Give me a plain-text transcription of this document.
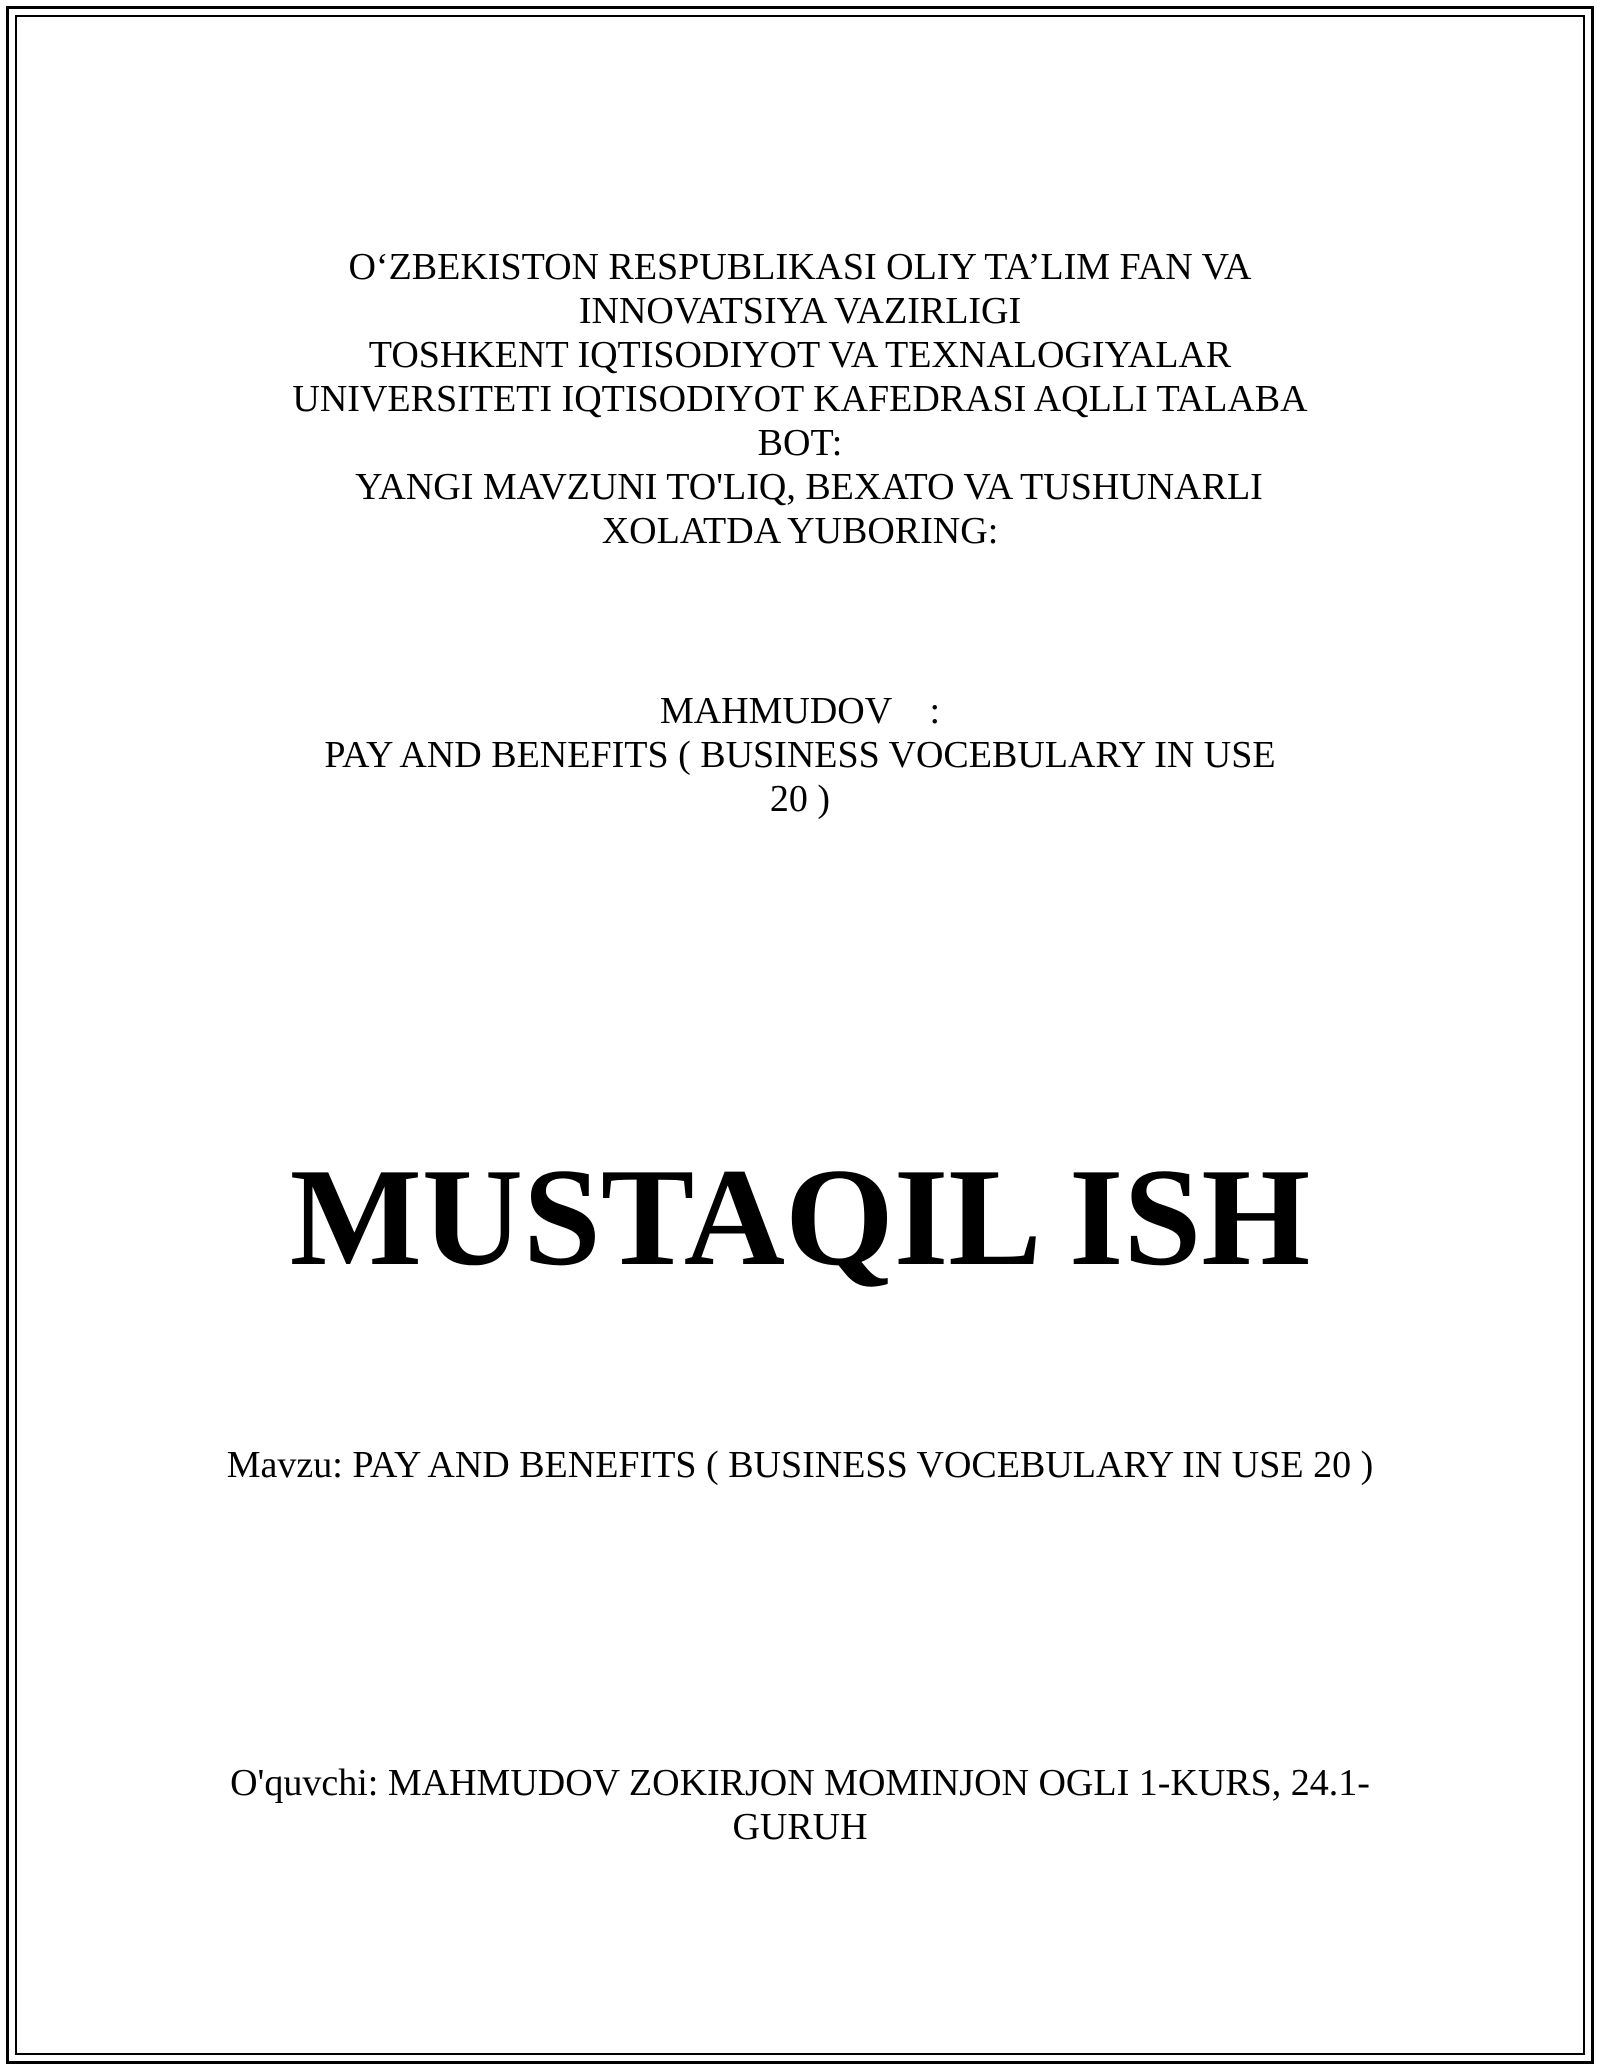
O‘ZBEKISTON RESPUBLIKASI OLIY TA’LIM FAN VA
INNOVATSIYA VAZIRLIGI
TOSHKENT IQTISODIYOT VA TEXNALOGIYALAR
UNIVERSITETI IQTISODIYOT KAFEDRASI AQLLI TALABA
BOT:
YANGI MAVZUNI TO'LIQ, BEXATO VA TUSHUNARLI
XOLATDA YUBORING:
MAHMUDOV    :
PAY AND BENEFITS ( BUSINESS VOCEBULARY IN USE
20 )
MUSTAQIL ISH
Mavzu: PAY AND BENEFITS ( BUSINESS VOCEBULARY IN USE 20 )
O'quvchi: MAHMUDOV ZOKIRJON MOMINJON OGLI 1-KURS, 24.1-
GURUH
